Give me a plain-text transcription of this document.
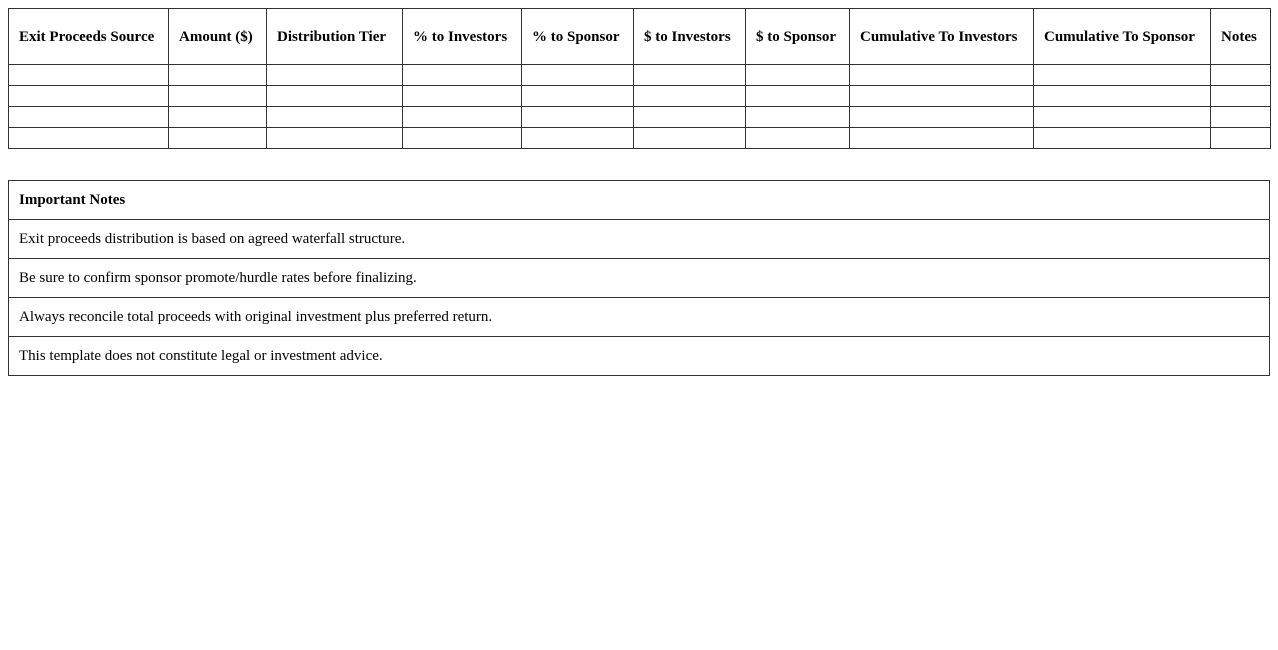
Exit Proceeds Source	Amount ($)	Distribution Tier	% to Investors	% to Sponsor	$ to Investors	$ to Sponsor	Cumulative To Investors	Cumulative To Sponsor	Notes

Important Notes
Exit proceeds distribution is based on agreed waterfall structure.
Be sure to confirm sponsor promote/hurdle rates before finalizing.
Always reconcile total proceeds with original investment plus preferred return.
This template does not constitute legal or investment advice.
